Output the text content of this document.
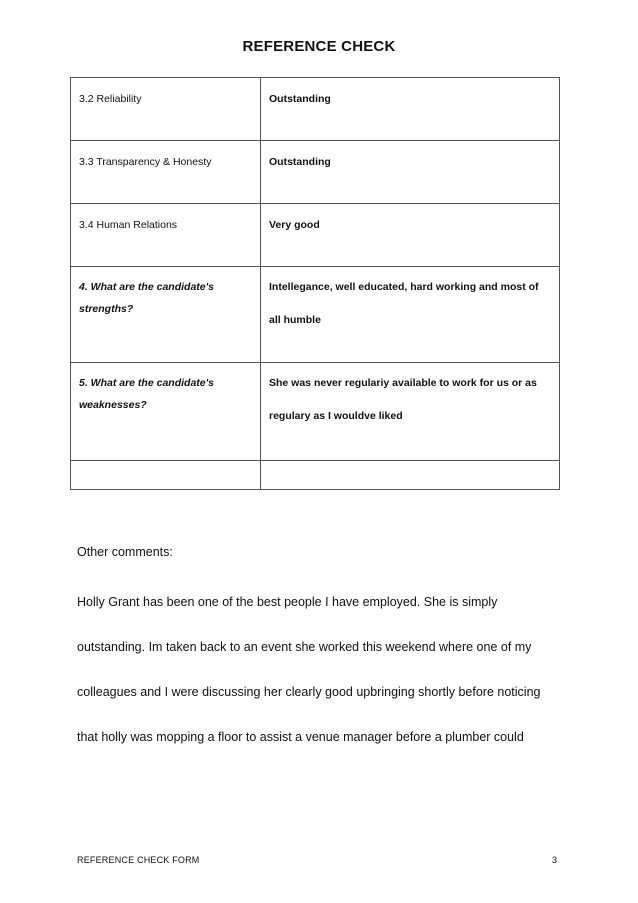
REFERENCE CHECK
3.2 Reliability	Outstanding
3.3 Transparency & Honesty	Outstanding
3.4 Human Relations	Very good
4. What are the candidate's
strengths?	Intellegance, well educated, hard working and most of
all humble

5. What are the candidate's
weaknesses?	She was never regulariy available to work for us or as
regulary as I wouldve liked

Other comments:
Holly Grant has been one of the best people I have employed. She is simply
outstanding. Im taken back to an event she worked this weekend where one of my
colleagues and I were discussing her clearly good upbringing shortly before noticing
that holly was mopping a floor to assist a venue manager before a plumber could
REFERENCE CHECK FORM	3
